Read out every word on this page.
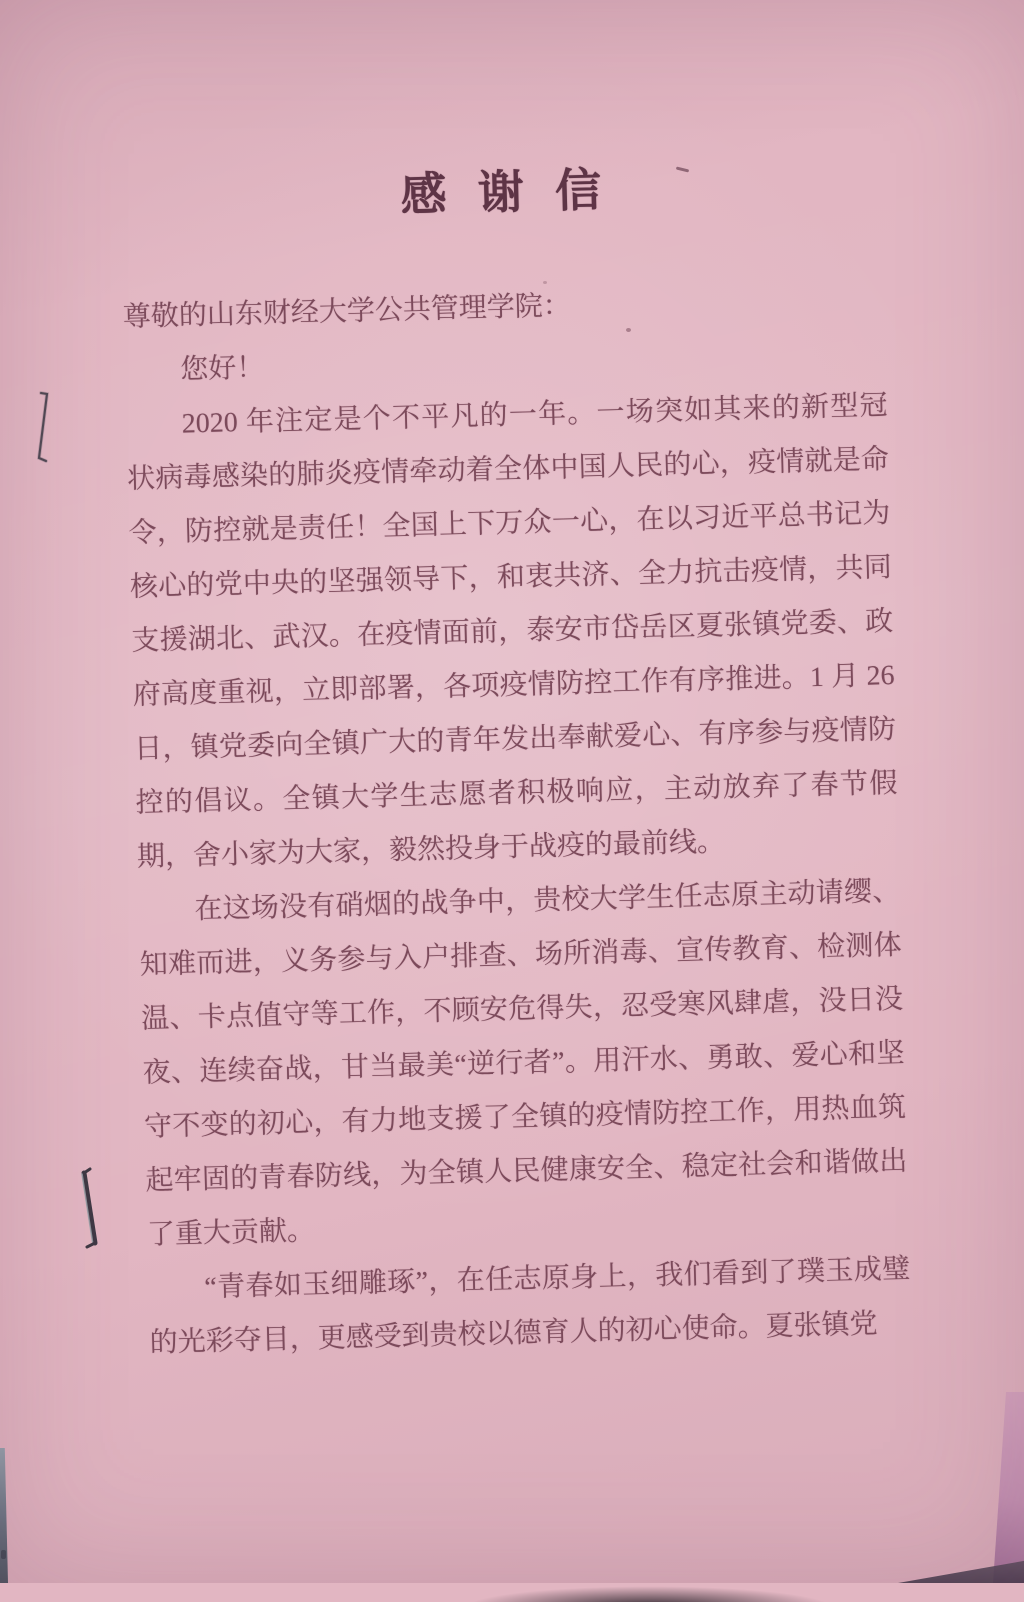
感谢信

尊敬的山东财经大学公共管理学院：

您好！

2020 年注定是个不平凡的一年。一场突如其来的新型冠状病毒感染的肺炎疫情牵动着全体中国人民的心，疫情就是命令，防控就是责任！全国上下万众一心，在以习近平总书记为核心的党中央的坚强领导下，和衷共济、全力抗击疫情，共同支援湖北、武汉。在疫情面前，泰安市岱岳区夏张镇党委、政府高度重视，立即部署，各项疫情防控工作有序推进。1 月 26 日，镇党委向全镇广大的青年发出奉献爱心、有序参与疫情防控的倡议。全镇大学生志愿者积极响应，主动放弃了春节假期，舍小家为大家，毅然投身于战疫的最前线。

在这场没有硝烟的战争中，贵校大学生任志原主动请缨、知难而进，义务参与入户排查、场所消毒、宣传教育、检测体温、卡点值守等工作，不顾安危得失，忍受寒风肆虐，没日没夜、连续奋战，甘当最美“逆行者”。用汗水、勇敢、爱心和坚守不变的初心，有力地支援了全镇的疫情防控工作，用热血筑起牢固的青春防线，为全镇人民健康安全、稳定社会和谐做出了重大贡献。

“青春如玉细雕琢”，在任志原身上，我们看到了璞玉成璧的光彩夺目，更感受到贵校以德育人的初心使命。夏张镇党
